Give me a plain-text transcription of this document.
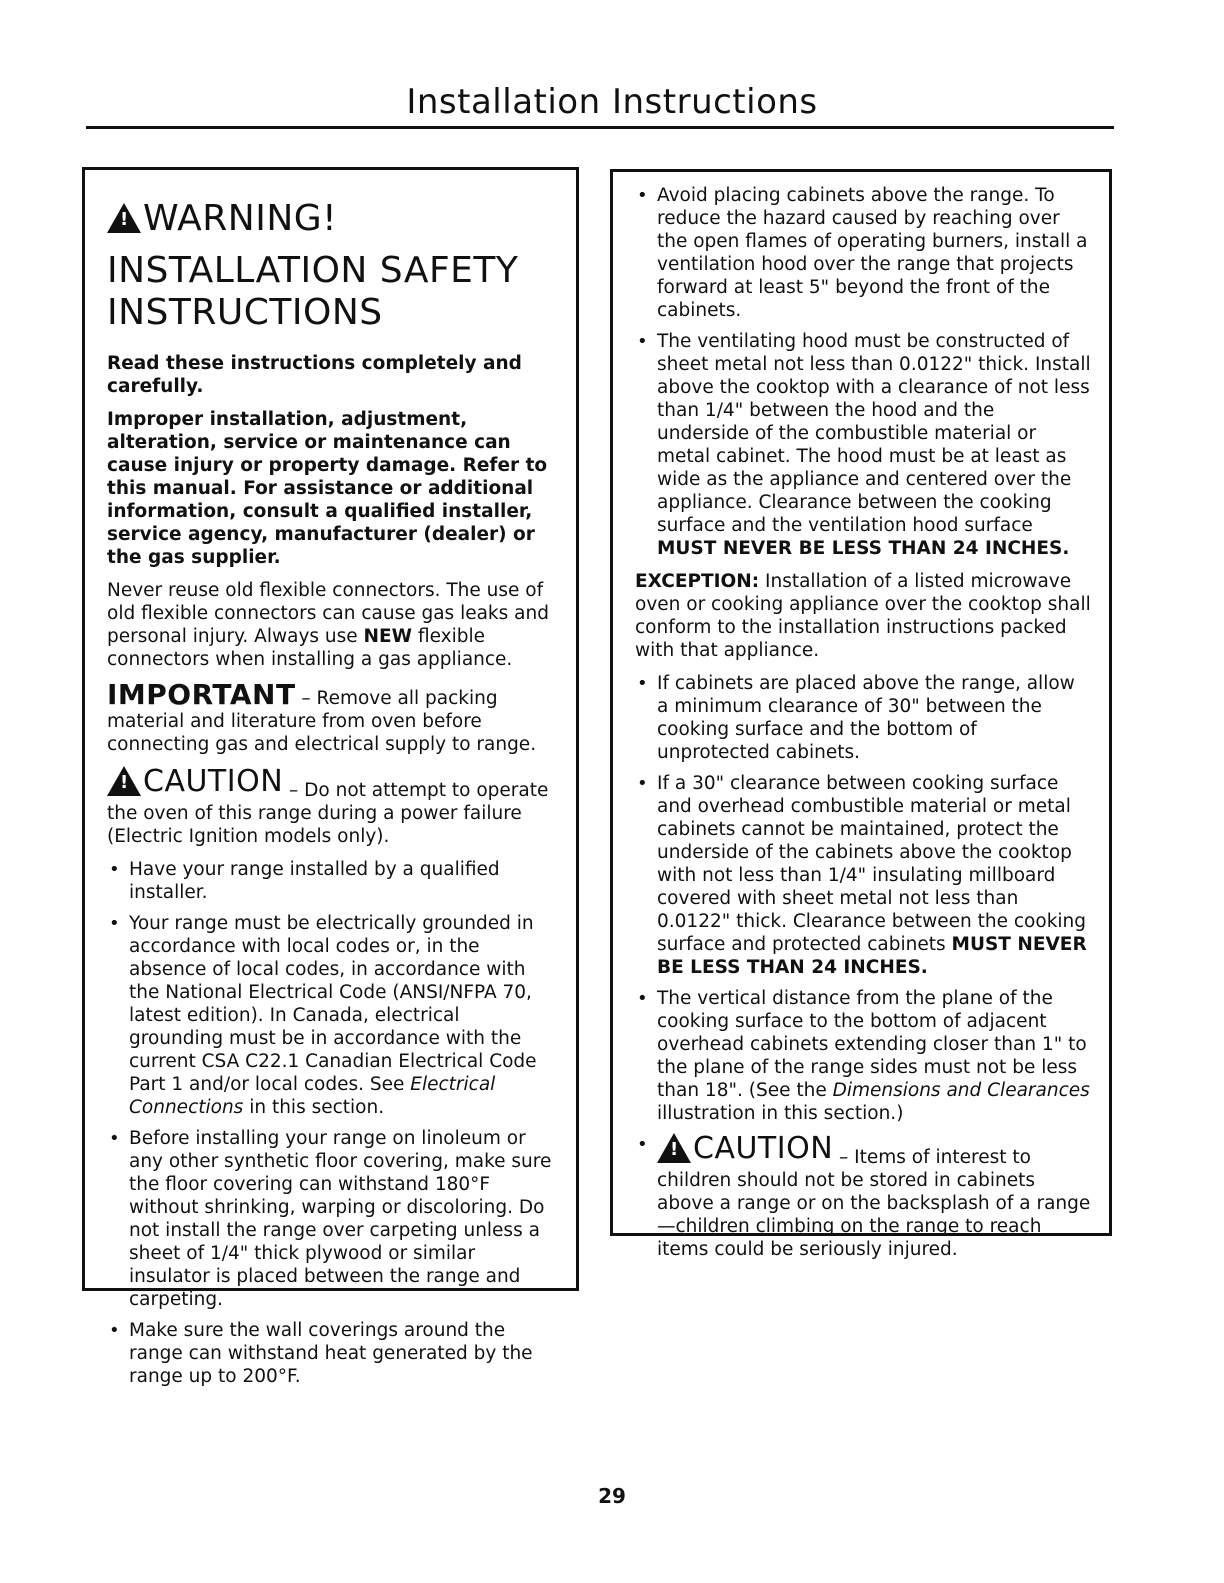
Installation Instructions
!
WARNING!
INSTALLATION SAFETY
INSTRUCTIONS

Read these instructions completely and carefully.

Improper installation, adjustment, alteration, service or maintenance can cause injury or property damage. Refer to this manual. For assistance or additional information, consult a qualified installer, service agency, manufacturer (dealer) or the gas supplier.

Never reuse old flexible connectors. The use of old flexible connectors can cause gas leaks and personal injury. Always use NEW flexible connectors when installing a gas appliance.

IMPORTANT – Remove all packing material and literature from oven before connecting gas and electrical supply to range.

!
CAUTION – Do not attempt to operate the oven of this range during a power failure (Electric Ignition models only).

• Have your range installed by a qualified installer.
• Your range must be electrically grounded in accordance with local codes or, in the absence of local codes, in accordance with the National Electrical Code (ANSI/NFPA 70, latest edition). In Canada, electrical grounding must be in accordance with the current CSA C22.1 Canadian Electrical Code Part 1 and/or local codes. See Electrical Connections in this section.
• Before installing your range on linoleum or any other synthetic floor covering, make sure the floor covering can withstand 180°F without shrinking, warping or discoloring. Do not install the range over carpeting unless a sheet of 1/4" thick plywood or similar insulator is placed between the range and carpeting.
• Make sure the wall coverings around the range can withstand heat generated by the range up to 200°F.
• Avoid placing cabinets above the range. To reduce the hazard caused by reaching over the open flames of operating burners, install a ventilation hood over the range that projects forward at least 5" beyond the front of the cabinets.
• The ventilating hood must be constructed of sheet metal not less than 0.0122" thick. Install above the cooktop with a clearance of not less than 1/4" between the hood and the underside of the combustible material or metal cabinet. The hood must be at least as wide as the appliance and centered over the appliance. Clearance between the cooking surface and the ventilation hood surface MUST NEVER BE LESS THAN 24 INCHES.

EXCEPTION: Installation of a listed microwave oven or cooking appliance over the cooktop shall conform to the installation instructions packed with that appliance.

• If cabinets are placed above the range, allow a minimum clearance of 30" between the cooking surface and the bottom of unprotected cabinets.
• If a 30" clearance between cooking surface and overhead combustible material or metal cabinets cannot be maintained, protect the underside of the cabinets above the cooktop with not less than 1/4" insulating millboard covered with sheet metal not less than 0.0122" thick. Clearance between the cooking surface and protected cabinets MUST NEVER BE LESS THAN 24 INCHES.
• The vertical distance from the plane of the cooking surface to the bottom of adjacent overhead cabinets extending closer than 1" to the plane of the range sides must not be less than 18". (See the Dimensions and Clearances illustration in this section.)
!
• CAUTION – Items of interest to children should not be stored in cabinets above a range or on the backsplash of a range—children climbing on the range to reach items could be seriously injured.
29
